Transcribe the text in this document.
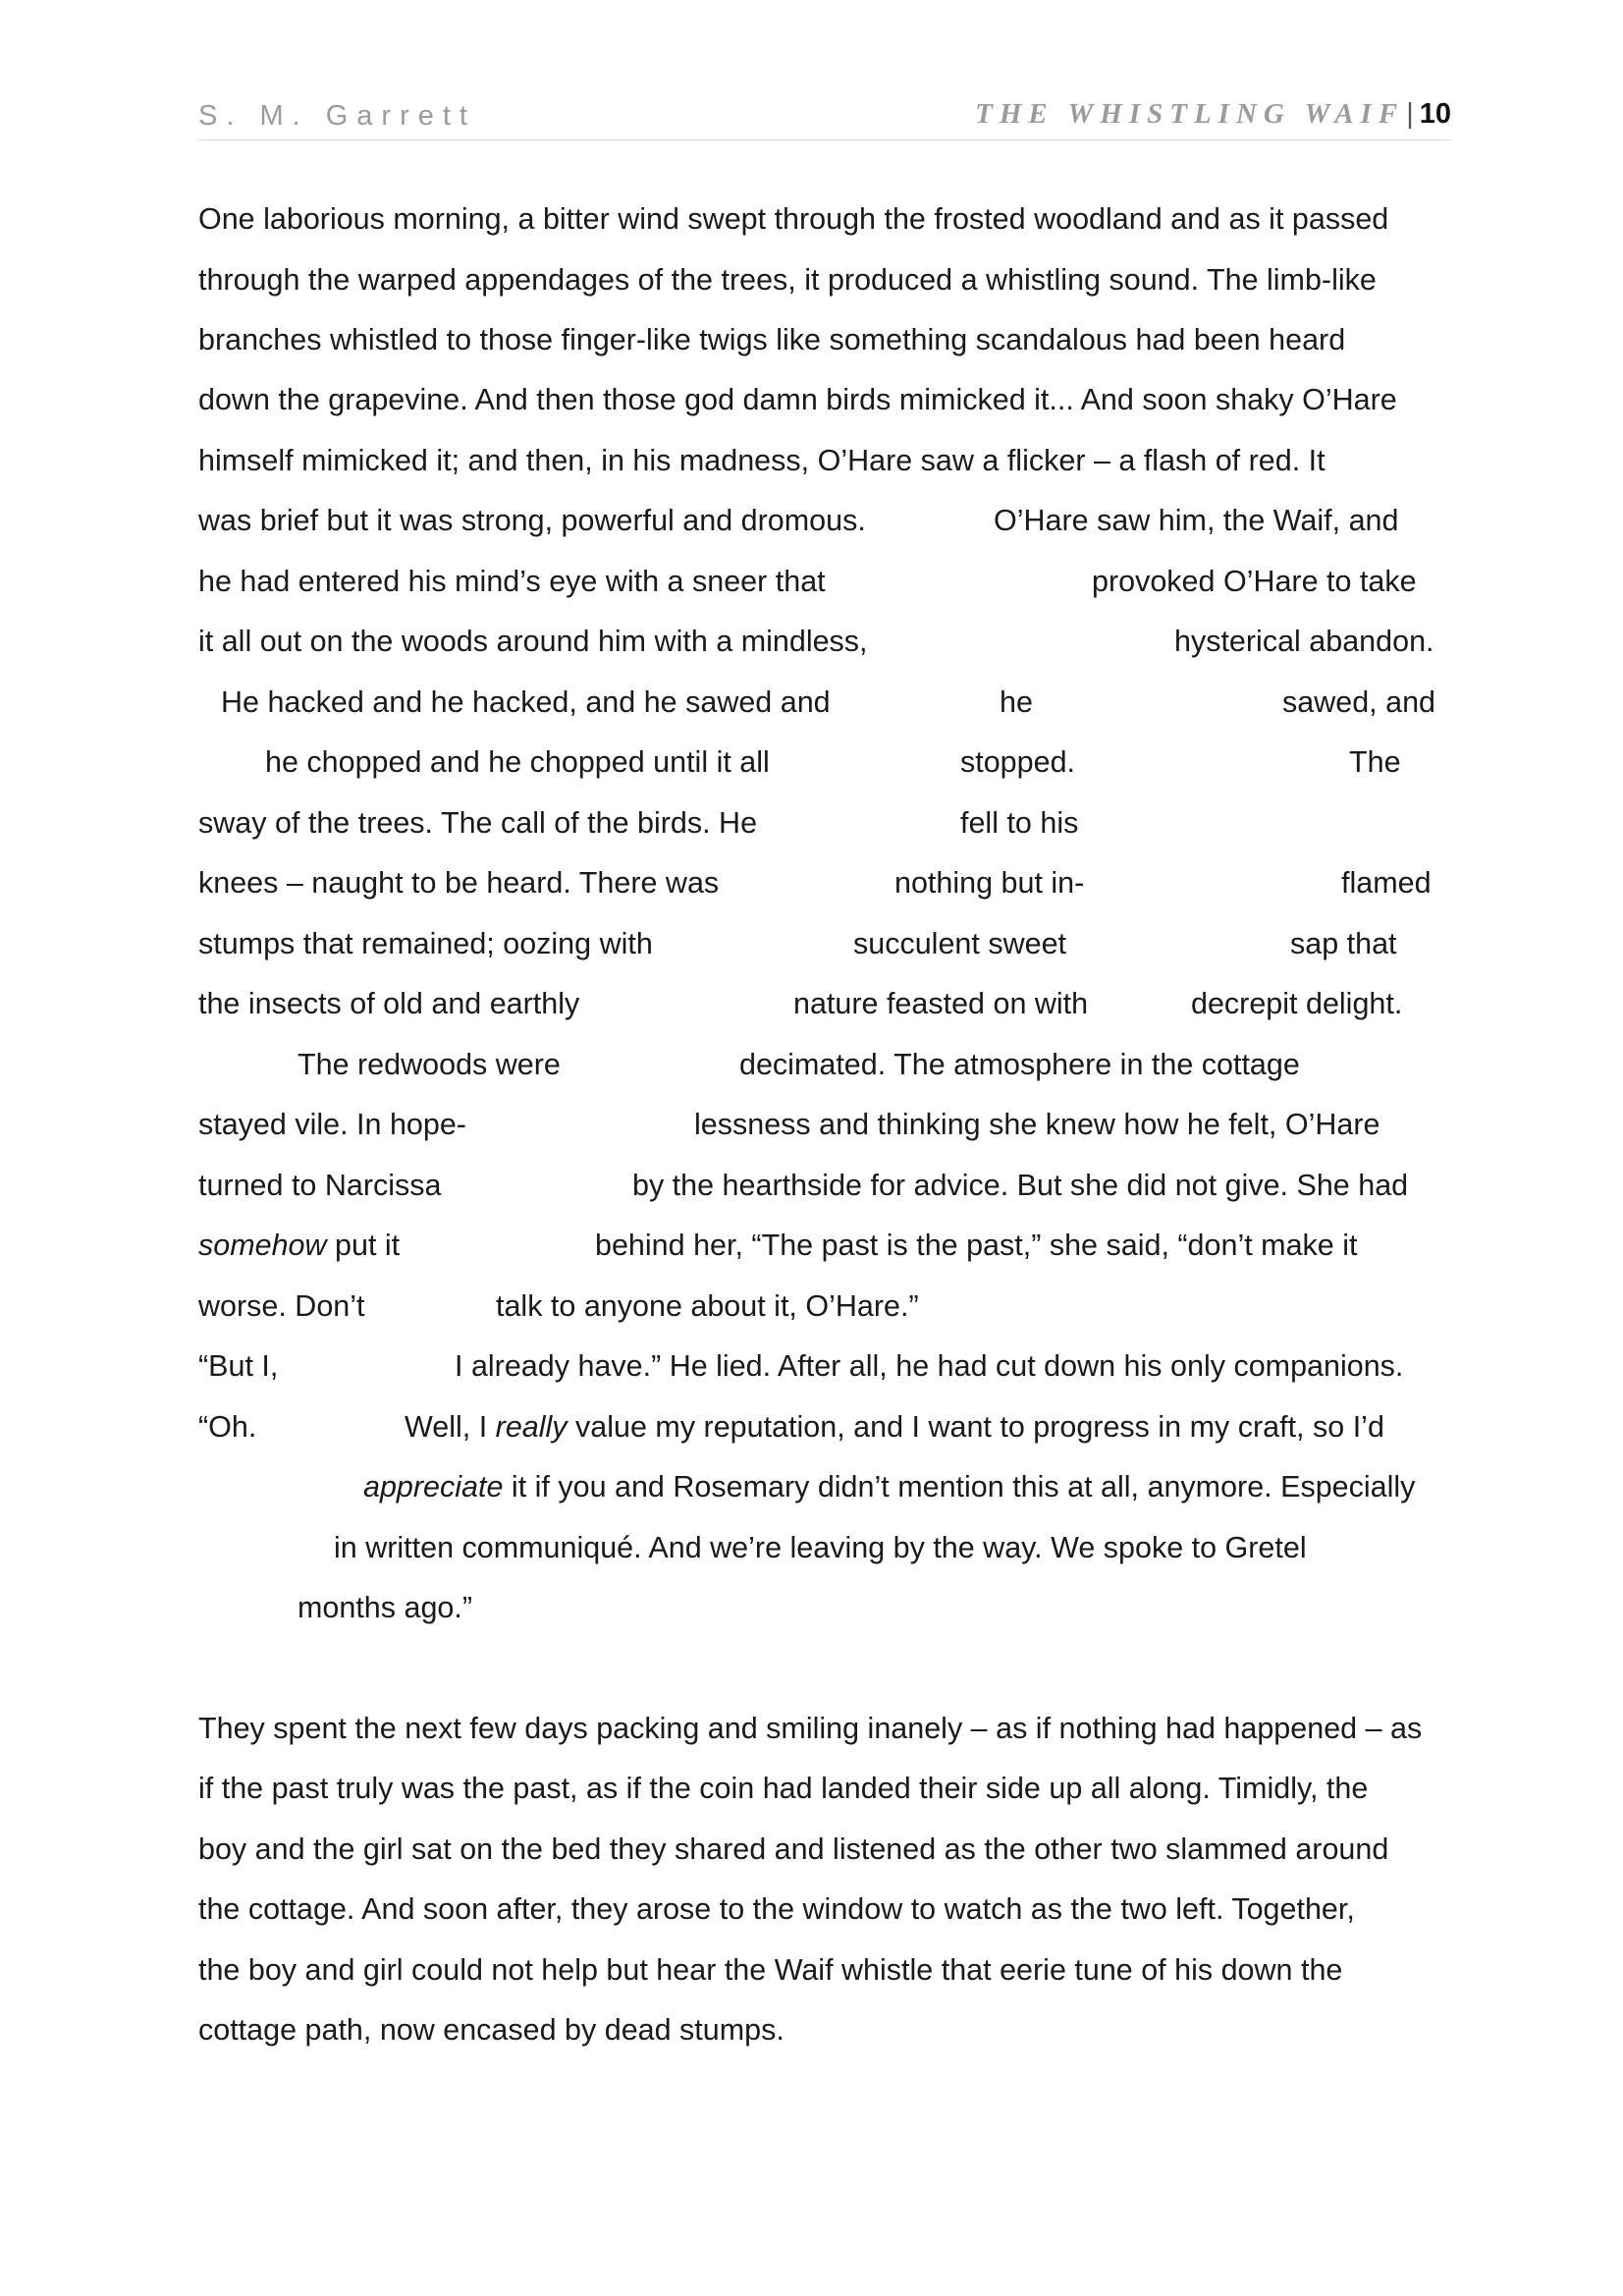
S. M. Garrett	THE WHISTLING WAIF| 10
One laborious morning, a bitter wind swept through the frosted woodland and as it passed
through the warped appendages of the trees, it produced a whistling sound. The limb-like
branches whistled to those finger-like twigs like something scandalous had been heard
down the grapevine. And then those god damn birds mimicked it... And soon shaky O’Hare
himself mimicked it; and then, in his madness, O’Hare saw a flicker – a flash of red. It
was brief but it was strong, powerful and dromous.	O’Hare saw him, the Waif, and
he had entered his mind’s eye with a sneer that	provoked O’Hare to take
it all out on the woods around him with a mindless,	hysterical abandon.
He hacked and he hacked, and he sawed and	he	sawed, and
he chopped and he chopped until it all	stopped.	The
sway of the trees. The call of the birds. He	fell to his
knees – naught to be heard. There was	nothing but in-	flamed
stumps that remained; oozing with	succulent sweet	sap that
the insects of old and earthly	nature feasted on with	decrepit delight.
The redwoods were	decimated. The atmosphere in the cottage
stayed vile. In hope-	lessness and thinking she knew how he felt, O’Hare
turned to Narcissa	by the hearthside for advice. But she did not give. She had
somehow put it	behind her, “The past is the past,” she said, “don’t make it
worse. Don’t	talk to anyone about it, O’Hare.”
“But I,	I already have.” He lied. After all, he had cut down his only companions.
“Oh.	Well, I really value my reputation, and I want to progress in my craft, so I’d
appreciate it if you and Rosemary didn’t mention this at all, anymore. Especially
in written communiqué. And we’re leaving by the way. We spoke to Gretel
months ago.”
They spent the next few days packing and smiling inanely – as if nothing had happened – as
if the past truly was the past, as if the coin had landed their side up all along. Timidly, the
boy and the girl sat on the bed they shared and listened as the other two slammed around
the cottage. And soon after, they arose to the window to watch as the two left. Together,
the boy and girl could not help but hear the Waif whistle that eerie tune of his down the
cottage path, now encased by dead stumps.
